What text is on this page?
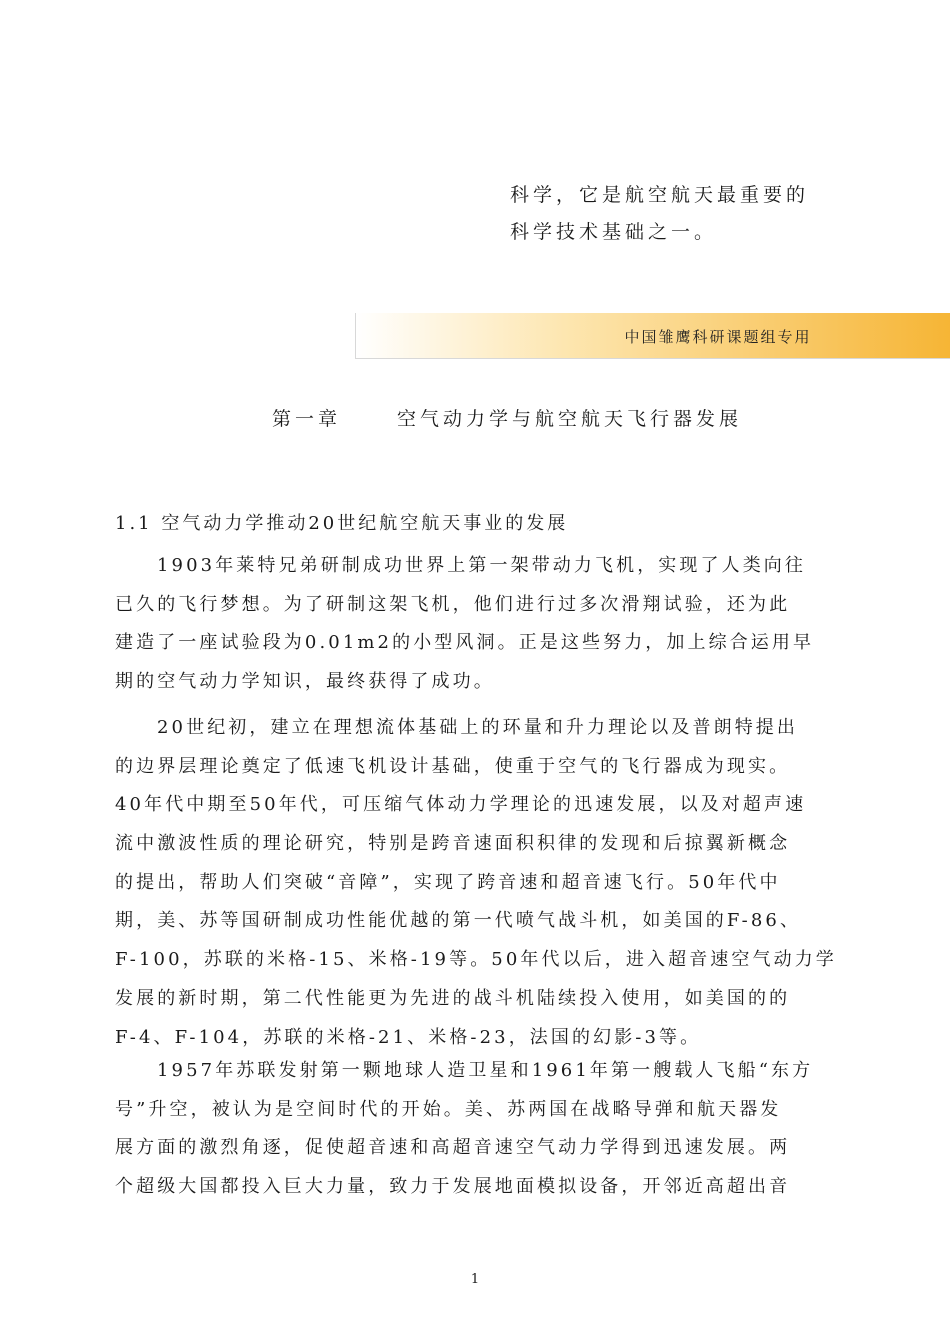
科学，它是航空航天最重要的
科学技术基础之一。
中国雏鹰科研课题组专用
第一章	空气动力学与航空航天飞行器发展
1.1 空气动力学推动20世纪航空航天事业的发展
1903年莱特兄弟研制成功世界上第一架带动力飞机，实现了人类向往
已久的飞行梦想。为了研制这架飞机，他们进行过多次滑翔试验，还为此
建造了一座试验段为0.01m2的小型风洞。正是这些努力，加上综合运用早
期的空气动力学知识，最终获得了成功。
20世纪初，建立在理想流体基础上的环量和升力理论以及普朗特提出
的边界层理论奠定了低速飞机设计基础，使重于空气的飞行器成为现实。
40年代中期至50年代，可压缩气体动力学理论的迅速发展，以及对超声速
流中激波性质的理论研究，特别是跨音速面积积律的发现和后掠翼新概念
的提出，帮助人们突破“音障”，实现了跨音速和超音速飞行。50年代中
期，美、苏等国研制成功性能优越的第一代喷气战斗机，如美国的F-86、
F-100，苏联的米格-15、米格-19等。50年代以后，进入超音速空气动力学
发展的新时期，第二代性能更为先进的战斗机陆续投入使用，如美国的的
F-4、F-104，苏联的米格-21、米格-23，法国的幻影-3等。
1957年苏联发射第一颗地球人造卫星和1961年第一艘载人飞船“东方
号”升空，被认为是空间时代的开始。美、苏两国在战略导弹和航天器发
展方面的激烈角逐，促使超音速和高超音速空气动力学得到迅速发展。两
个超级大国都投入巨大力量，致力于发展地面模拟设备，开邻近高超出音
1
